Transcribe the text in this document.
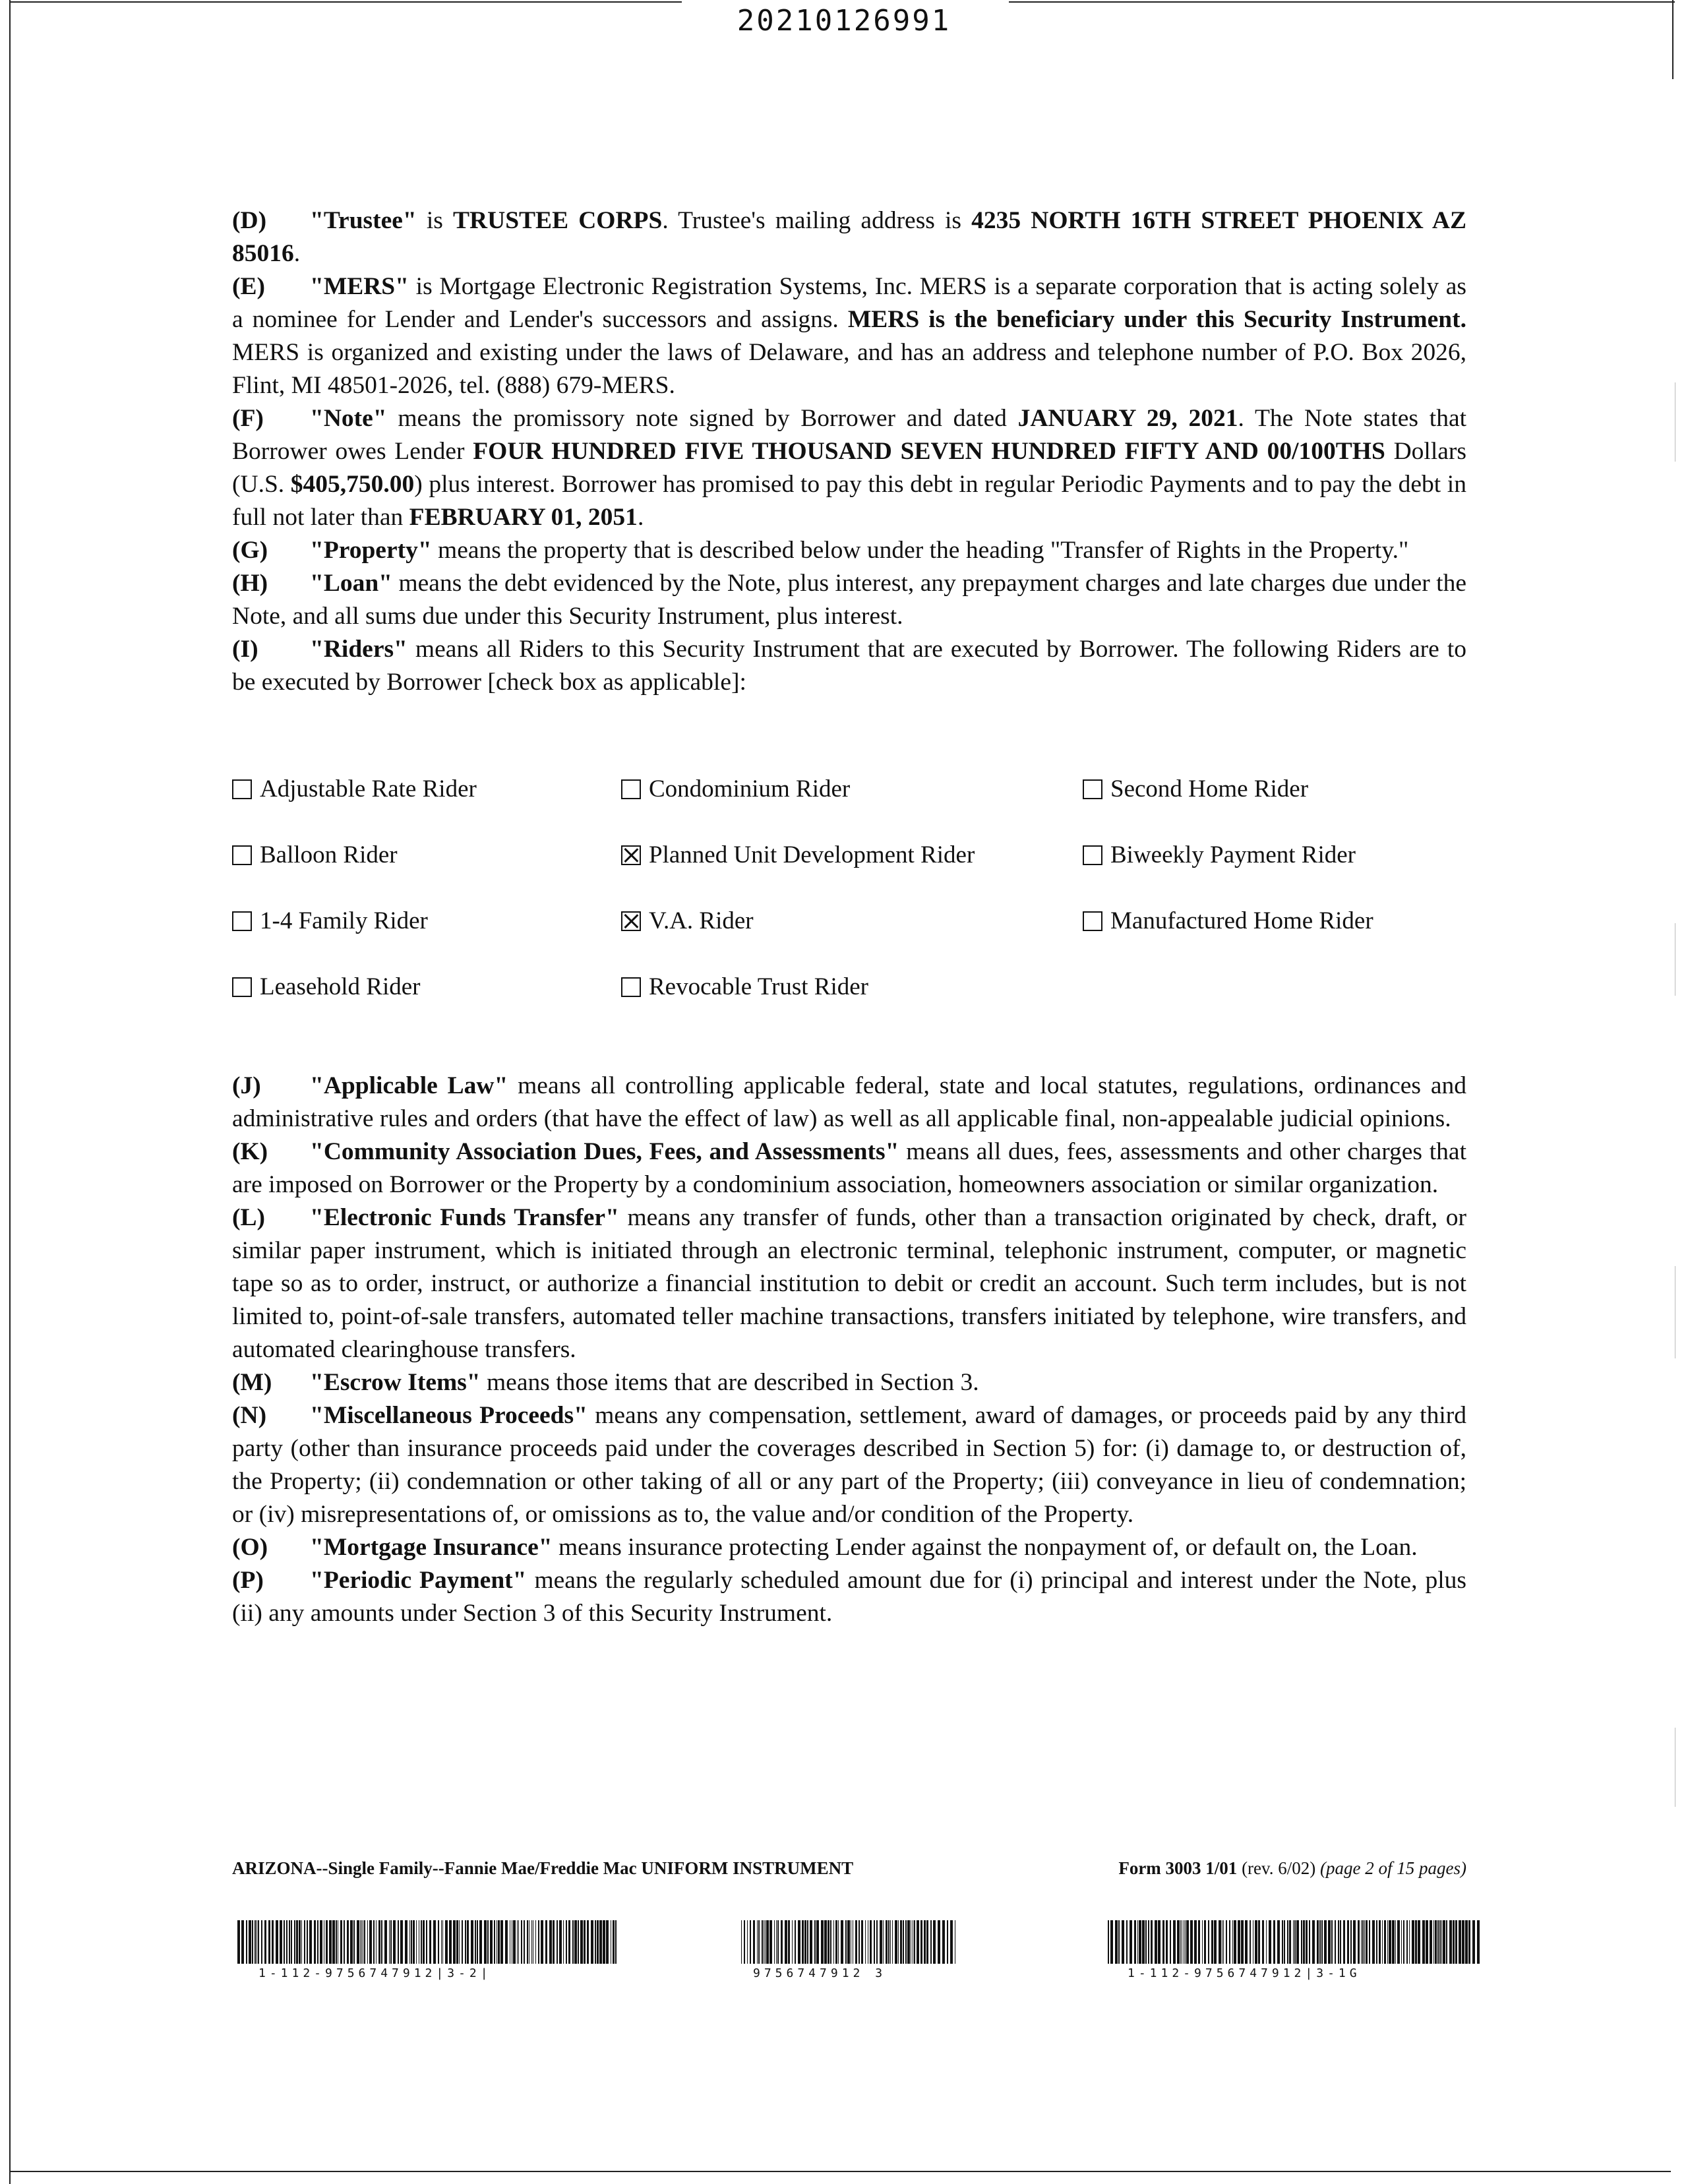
20210126991

(D) "Trustee" is TRUSTEE CORPS. Trustee's mailing address is 4235 NORTH 16TH STREET PHOENIX AZ 85016.

(E) "MERS" is Mortgage Electronic Registration Systems, Inc. MERS is a separate corporation that is acting solely as a nominee for Lender and Lender's successors and assigns. MERS is the beneficiary under this Security Instrument. MERS is organized and existing under the laws of Delaware, and has an address and telephone number of P.O. Box 2026, Flint, MI 48501-2026, tel. (888) 679-MERS.

(F) "Note" means the promissory note signed by Borrower and dated JANUARY 29, 2021. The Note states that Borrower owes Lender FOUR HUNDRED FIVE THOUSAND SEVEN HUNDRED FIFTY AND 00/100THS Dollars (U.S. $405,750.00) plus interest. Borrower has promised to pay this debt in regular Periodic Payments and to pay the debt in full not later than FEBRUARY 01, 2051.

(G) "Property" means the property that is described below under the heading "Transfer of Rights in the Property."

(H) "Loan" means the debt evidenced by the Note, plus interest, any prepayment charges and late charges due under the Note, and all sums due under this Security Instrument, plus interest.

(I) "Riders" means all Riders to this Security Instrument that are executed by Borrower. The following Riders are to be executed by Borrower [check box as applicable]:

Adjustable Rate Rider	Condominium Rider	Second Home Rider
Balloon Rider	Planned Unit Development Rider	Biweekly Payment Rider
1-4 Family Rider	V.A. Rider	Manufactured Home Rider
Leasehold Rider	Revocable Trust Rider

(J) "Applicable Law" means all controlling applicable federal, state and local statutes, regulations, ordinances and administrative rules and orders (that have the effect of law) as well as all applicable final, non-appealable judicial opinions.

(K) "Community Association Dues, Fees, and Assessments" means all dues, fees, assessments and other charges that are imposed on Borrower or the Property by a condominium association, homeowners association or similar organization.

(L) "Electronic Funds Transfer" means any transfer of funds, other than a transaction originated by check, draft, or similar paper instrument, which is initiated through an electronic terminal, telephonic instrument, computer, or magnetic tape so as to order, instruct, or authorize a financial institution to debit or credit an account. Such term includes, but is not limited to, point-of-sale transfers, automated teller machine transactions, transfers initiated by telephone, wire transfers, and automated clearinghouse transfers.

(M) "Escrow Items" means those items that are described in Section 3.

(N) "Miscellaneous Proceeds" means any compensation, settlement, award of damages, or proceeds paid by any third party (other than insurance proceeds paid under the coverages described in Section 5) for: (i) damage to, or destruction of, the Property; (ii) condemnation or other taking of all or any part of the Property; (iii) conveyance in lieu of condemnation; or (iv) misrepresentations of, or omissions as to, the value and/or condition of the Property.

(O) "Mortgage Insurance" means insurance protecting Lender against the nonpayment of, or default on, the Loan.

(P) "Periodic Payment" means the regularly scheduled amount due for (i) principal and interest under the Note, plus (ii) any amounts under Section 3 of this Security Instrument.

ARIZONA--Single Family--Fannie Mae/Freddie Mac UNIFORM INSTRUMENT	Form 3003 1/01 (rev. 6/02) (page 2 of 15 pages)
1-112-9756747912|3-2|	9756747912 3	1-112-9756747912|3-1G
